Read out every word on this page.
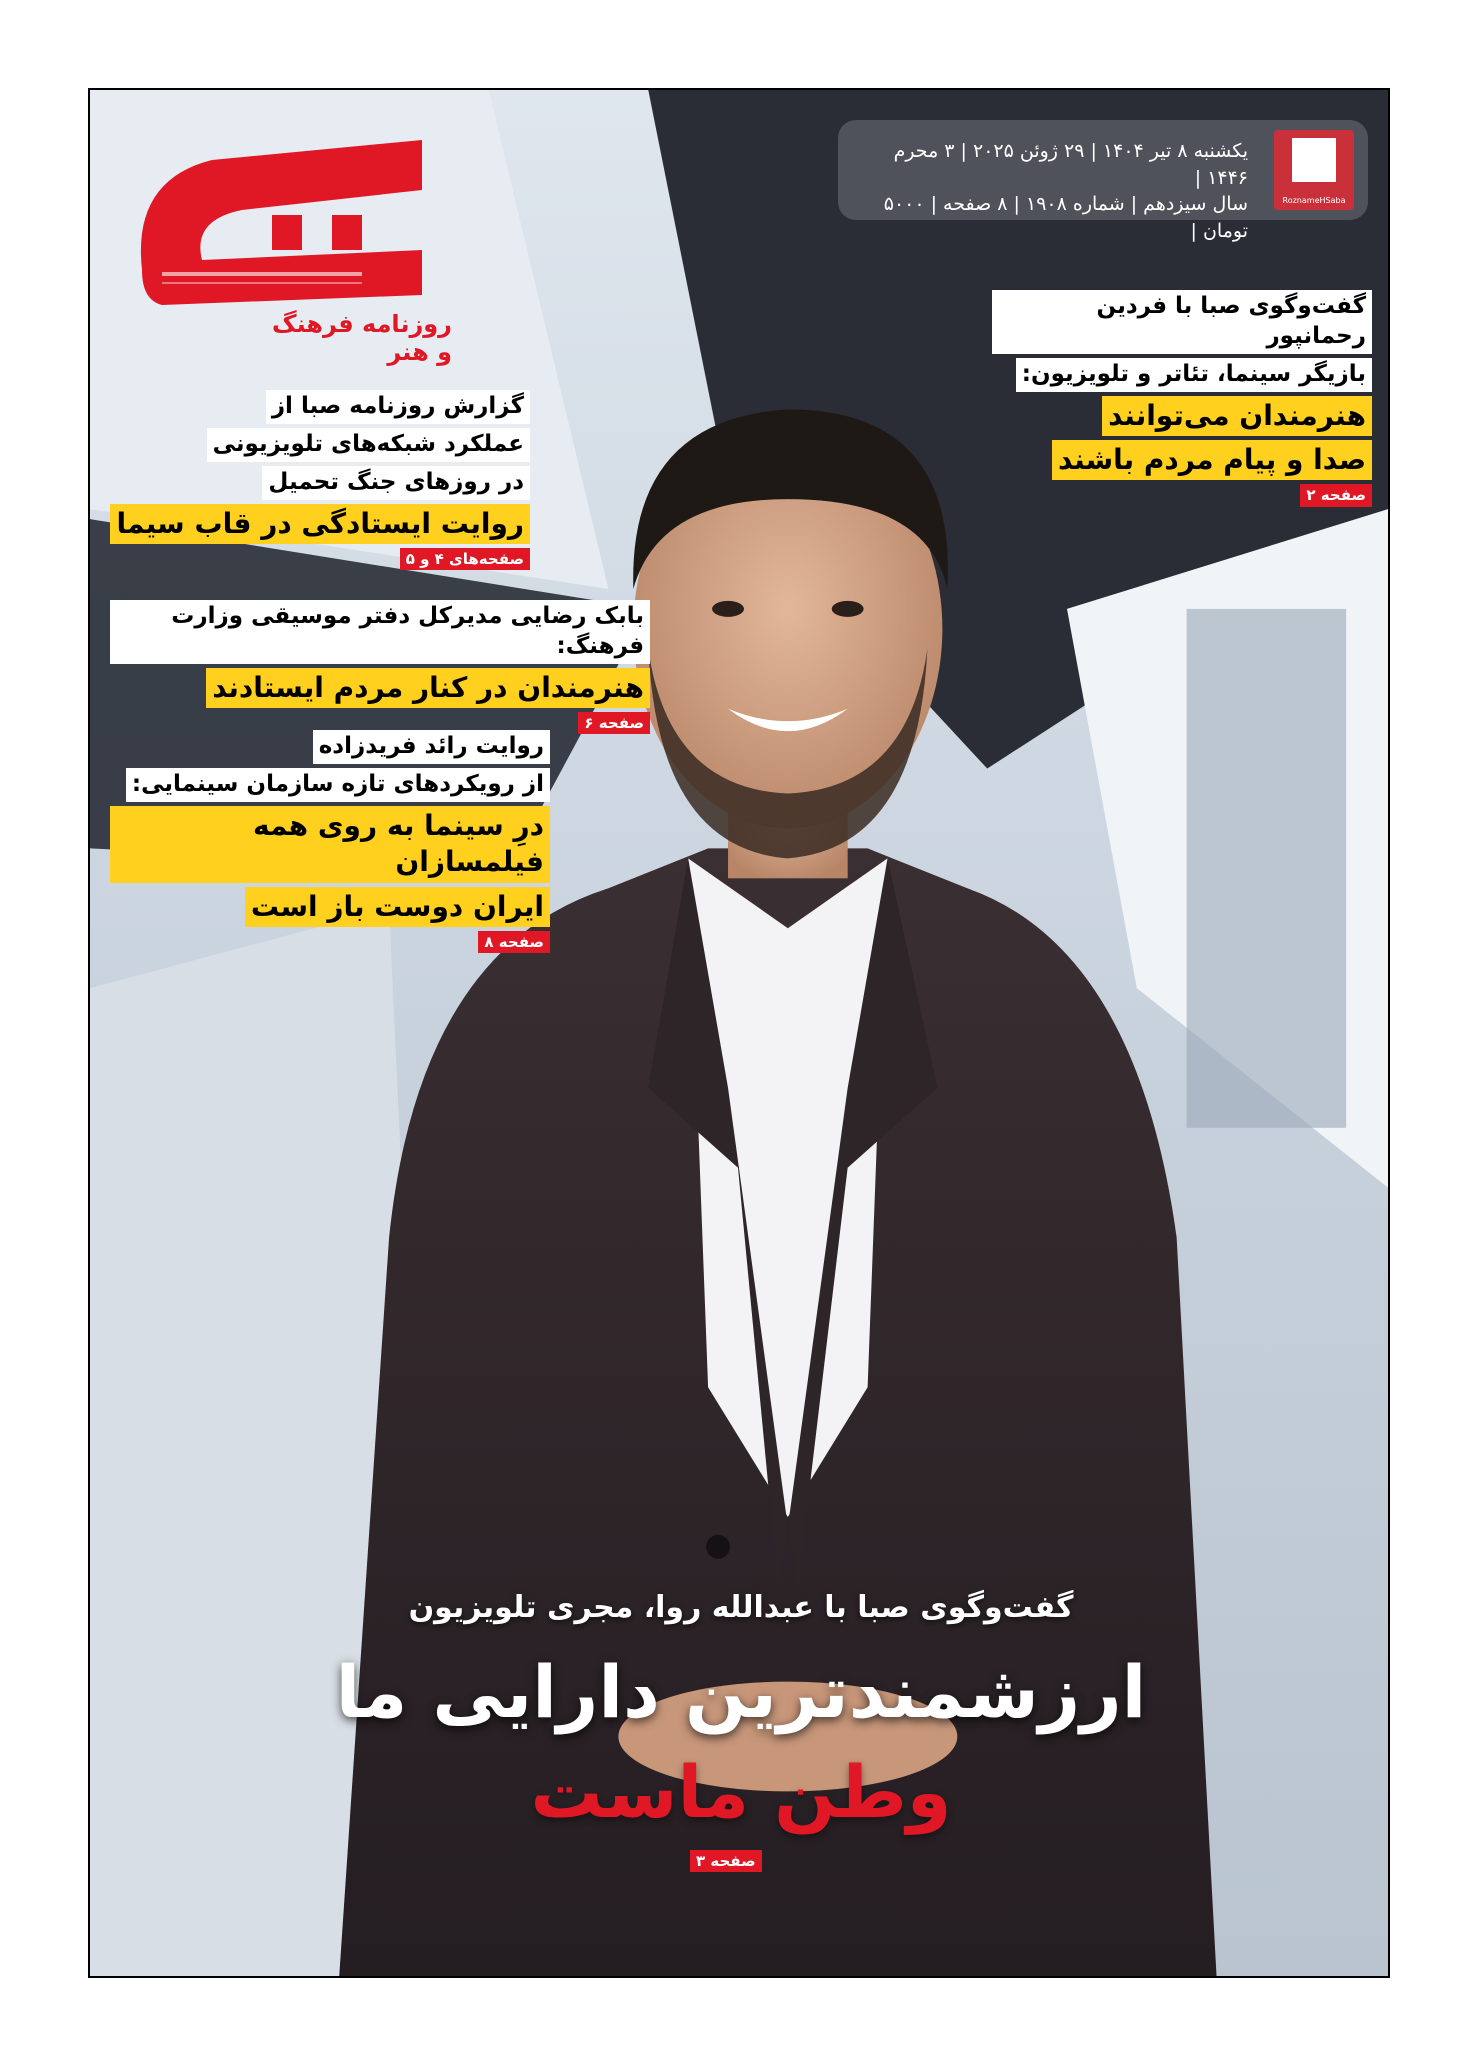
روزنامه فرهنگ و هنر
یکشنبه ۸ تیر ۱۴۰۴ | ۲۹ ژوئن ۲۰۲۵ | ۳ محرم ۱۴۴۶ |
سال سیزدهم | شماره ۱۹۰۸ | ۸ صفحه | ۵۰۰۰ تومان |
RoznameHSaba
گفت‌وگوی صبا با فردین رحمانپور
بازیگر سینما، تئاتر و تلویزیون:
هنرمندان می‌توانند
صدا و پیام مردم باشند
صفحه ۲
گزارش روزنامه صبا از
عملکرد شبکه‌های تلویزیونی
در روزهای جنگ تحمیل
روایت ایستادگی در قاب سیما
صفحه‌های ۴ و ۵
بابک رضایی مدیرکل دفتر موسیقی وزارت فرهنگ:
هنرمندان در کنار مردم ایستادند
صفحه ۶
روایت رائد فریدزاده
از رویکردهای تازه سازمان سینمایی:
درِ سینما به روی همه فیلمسازان
ایران دوست باز است
صفحه ۸
گفت‌وگوی صبا با عبدالله روا، مجری تلویزیون
ارزشمندترین دارایی ما
وطن ماست
صفحه ۳
